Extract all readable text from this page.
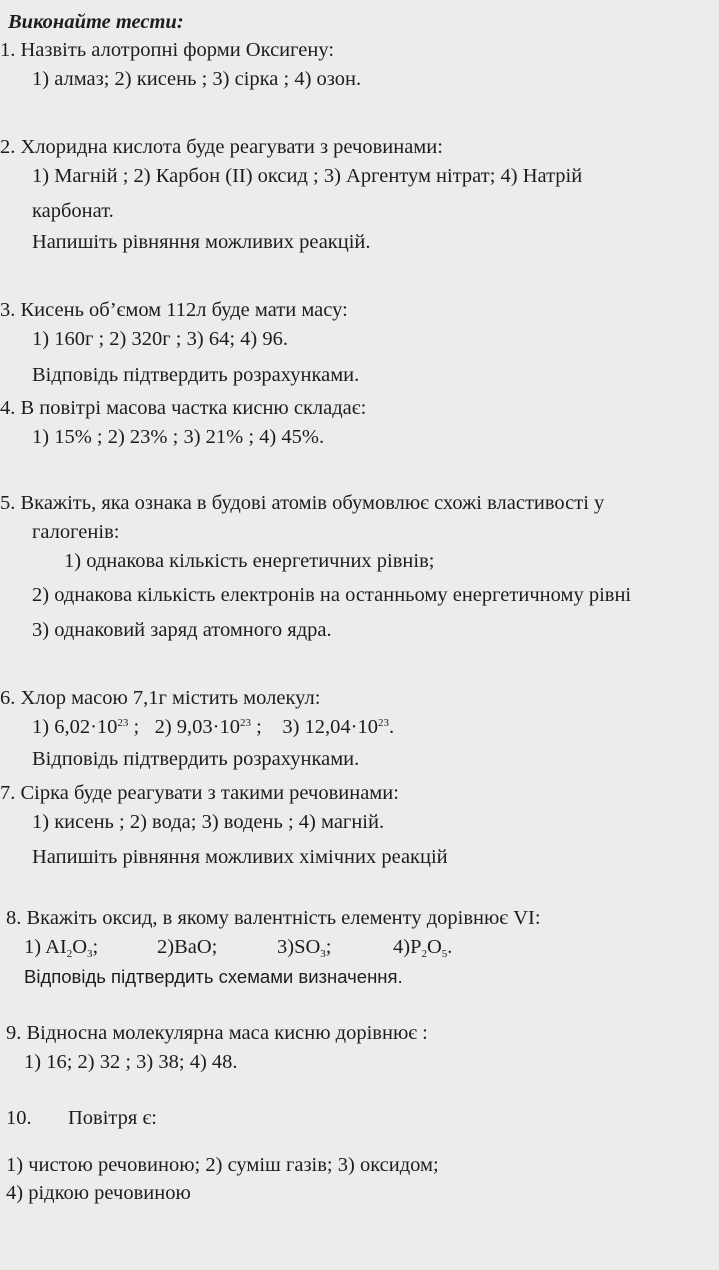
Виконайте тести:
1. Назвіть алотропні форми Оксигену:
1) алмаз; 2) кисень ; 3) сірка ; 4) озон.
2. Хлоридна кислота буде реагувати з речовинами:
1) Магній ; 2) Карбон (ІІ) оксид ; 3) Аргентум нітрат; 4) Натрій
карбонат.
Напишіть рівняння можливих реакцій.
3. Кисень об’ємом 112л буде мати масу:
1) 160г ; 2) 320г ; 3) 64; 4) 96.
Відповідь підтвердить розрахунками.
4. В повітрі масова частка кисню складає:
1) 15% ; 2) 23% ; 3) 21% ; 4) 45%.
5. Вкажіть, яка ознака в будові атомів обумовлює схожі властивості у
галогенів:
1) однакова кількість енергетичних рівнів;
2) однакова кількість електронів на останньому енергетичному рівні
3) однаковий заряд атомного ядра.
6. Хлор масою 7,1г містить молекул:
1) $6,02\cdot 10^{23}$ ;   2) $9,03\cdot 10^{23}$ ;    3) $12,04\cdot 10^{23}$.
Відповідь підтвердить розрахунками.
7. Сірка буде реагувати з такими речовинами:
1) кисень ; 2) вода; 3) водень ; 4) магній.
Напишіть рівняння можливих хімічних реакцій
8. Вкажіть оксид, в якому валентність елементу дорівнює VI:
1) $AI_2O_3$;	2)BaO;	$3)SO_3$;	$4)P_2O_5$.
Відповідь підтвердить схемами визначення.
9. Відносна молекулярна маса кисню дорівнює :
1) 16; 2) 32 ; 3) 38; 4) 48.
10. Повітря є:
1) чистою речовиною; 2) суміш газів; 3) оксидом;
4) рідкою речовиною
